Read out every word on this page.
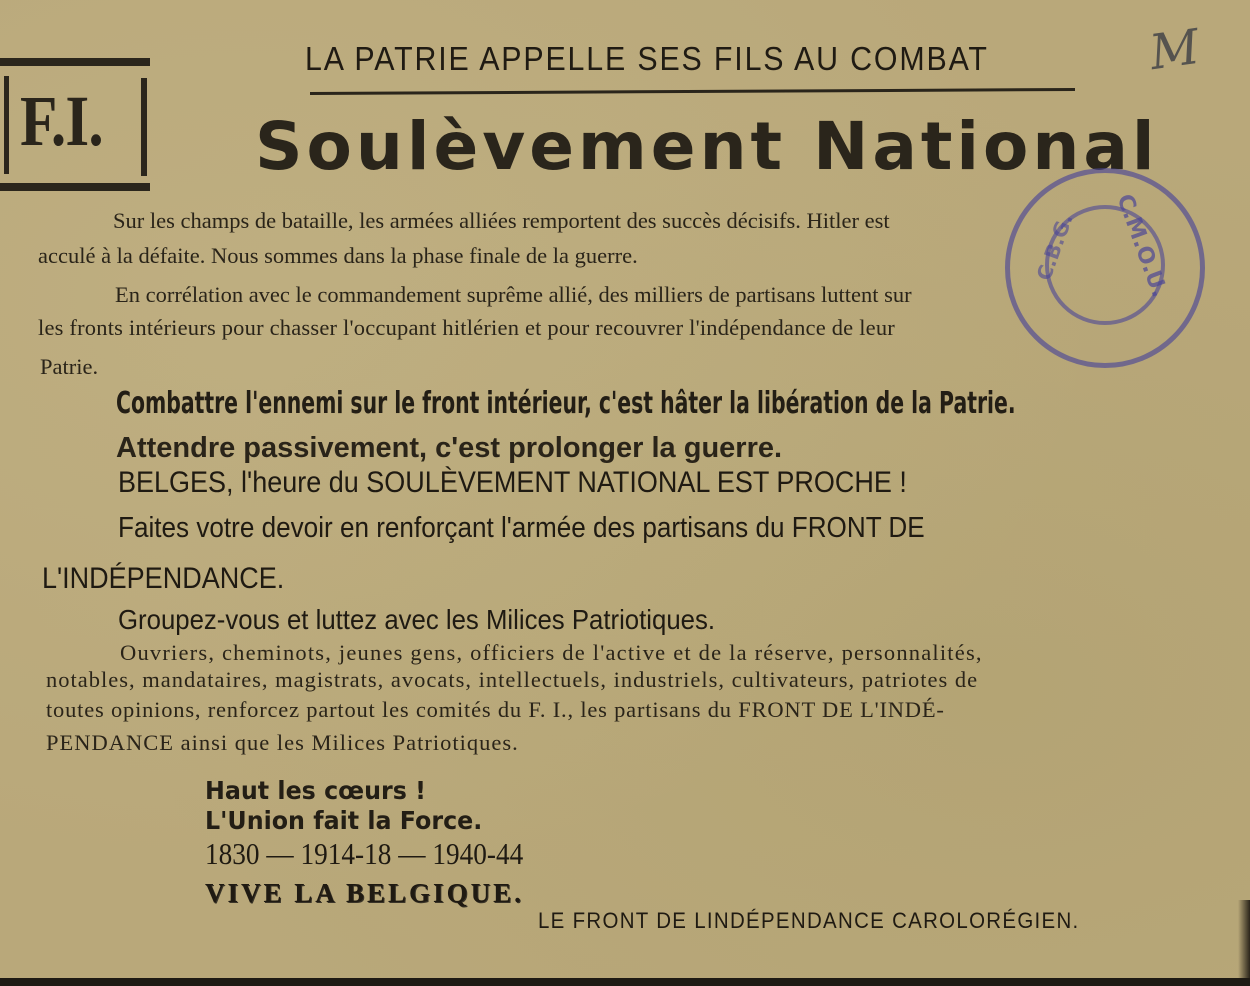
F.I.
LA PATRIE APPELLE SES FILS AU COMBAT	M
Soulèvement National
Sur les champs de bataille, les armées alliées remportent des succès décisifs. Hitler est
acculé à la défaite. Nous sommes dans la phase finale de la guerre.
En corrélation avec le commandement suprême allié, des milliers de partisans luttent sur
les fronts intérieurs pour chasser l'occupant hitlérien et pour recouvrer l'indépendance de leur
Patrie.
Combattre l'ennemi sur le front intérieur, c'est hâter la libération de la Patrie.
Attendre passivement, c'est prolonger la guerre.
BELGES, l'heure du SOULÈVEMENT NATIONAL EST PROCHE !
Faites votre devoir en renforçant l'armée des partisans du FRONT DE
L'INDÉPENDANCE.
Groupez-vous et luttez avec les Milices Patriotiques.
Ouvriers, cheminots, jeunes gens, officiers de l'active et de la réserve, personnalités,
notables, mandataires, magistrats, avocats, intellectuels, industriels, cultivateurs, patriotes de
toutes opinions, renforcez partout les comités du F. I., les partisans du FRONT DE L'INDÉ-
PENDANCE ainsi que les Milices Patriotiques.
Haut les cœurs !
L'Union fait la Force.
1830 — 1914-18 — 1940-44
VIVE LA BELGIQUE.
LE FRONT DE LINDÉPENDANCE CAROLORÉGIEN.
C.M.O.U.
C.B.G.
